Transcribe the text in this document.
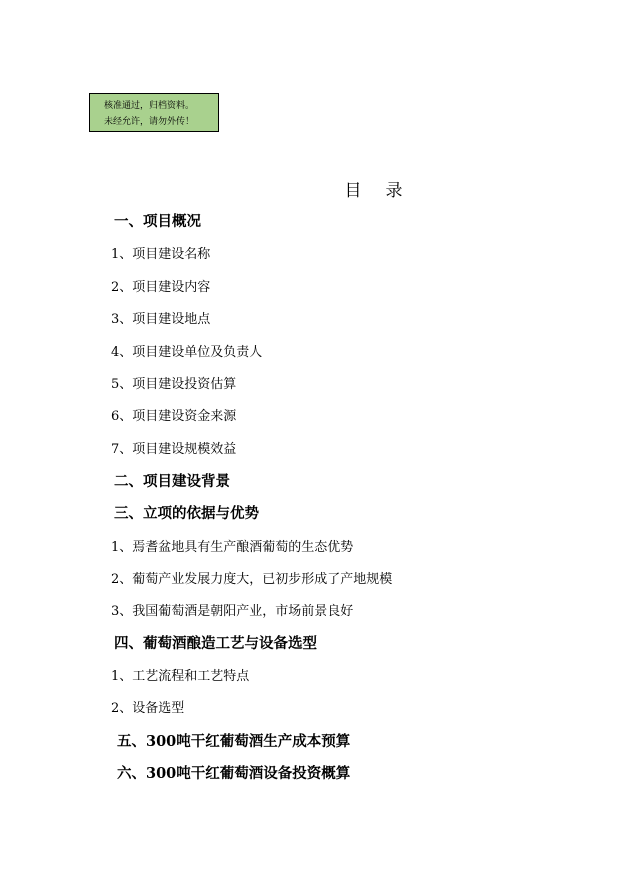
核准通过，归档资料。
未经允许，请勿外传！
目录
一、项目概况
1、项目建设名称
2、项目建设内容
3、项目建设地点
4、项目建设单位及负责人
5、项目建设投资估算
6、项目建设资金来源
7、项目建设规模效益
二、项目建设背景
三、立项的依据与优势
1、焉耆盆地具有生产酿酒葡萄的生态优势
2、葡萄产业发展力度大，已初步形成了产地规模
3、我国葡萄酒是朝阳产业，市场前景良好
四、葡萄酒酿造工艺与设备选型
1、工艺流程和工艺特点
2、设备选型
五、300吨干红葡萄酒生产成本预算
六、300吨干红葡萄酒设备投资概算
